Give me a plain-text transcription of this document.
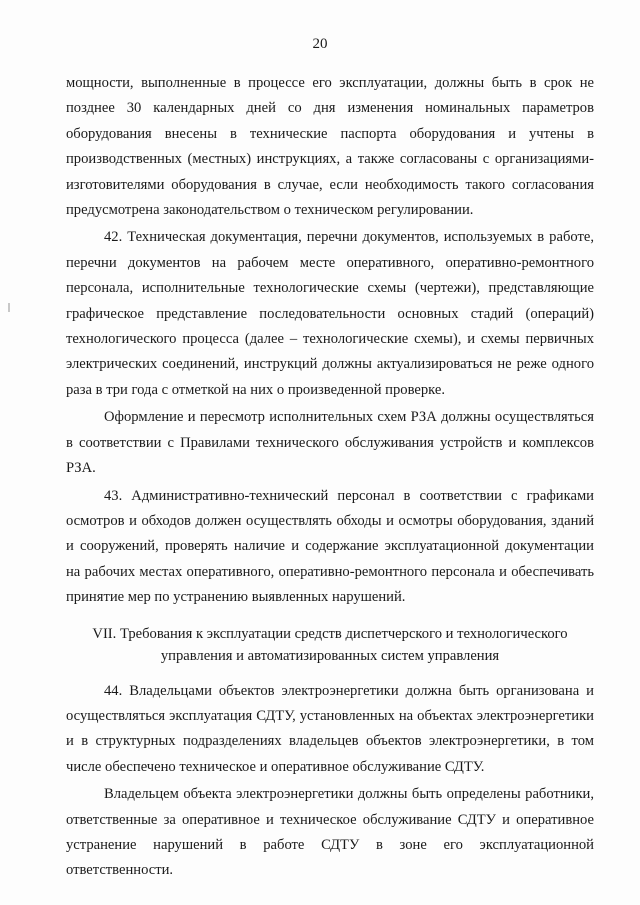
20

мощности, выполненные в процессе его эксплуатации, должны быть в срок не позднее 30 календарных дней со дня изменения номинальных параметров оборудования внесены в технические паспорта оборудования и учтены в производственных (местных) инструкциях, а также согласованы с организациями-изготовителями оборудования в случае, если необходимость такого согласования предусмотрена законодательством о техническом регулировании.

42. Техническая документация, перечни документов, используемых в работе, перечни документов на рабочем месте оперативного, оперативно-ремонтного персонала, исполнительные технологические схемы (чертежи), представляющие графическое представление последовательности основных стадий (операций) технологического процесса (далее – технологические схемы), и схемы первичных электрических соединений, инструкций должны актуализироваться не реже одного раза в три года с отметкой на них о произведенной проверке.

Оформление и пересмотр исполнительных схем РЗА должны осуществляться в соответствии с Правилами технического обслуживания устройств и комплексов РЗА.

43. Административно-технический персонал в соответствии с графиками осмотров и обходов должен осуществлять обходы и осмотры оборудования, зданий и сооружений, проверять наличие и содержание эксплуатационной документации на рабочих местах оперативного, оперативно-ремонтного персонала и обеспечивать принятие мер по устранению выявленных нарушений.

VII. Требования к эксплуатации средств диспетчерского и технологического
управления и автоматизированных систем управления

44. Владельцами объектов электроэнергетики должна быть организована и осуществляться эксплуатация СДТУ, установленных на объектах электроэнергетики и в структурных подразделениях владельцев объектов электроэнергетики, в том числе обеспечено техническое и оперативное обслуживание СДТУ.

Владельцем объекта электроэнергетики должны быть определены работники, ответственные за оперативное и техническое обслуживание СДТУ и оперативное устранение нарушений в работе СДТУ в зоне его эксплуатационной ответственности.
